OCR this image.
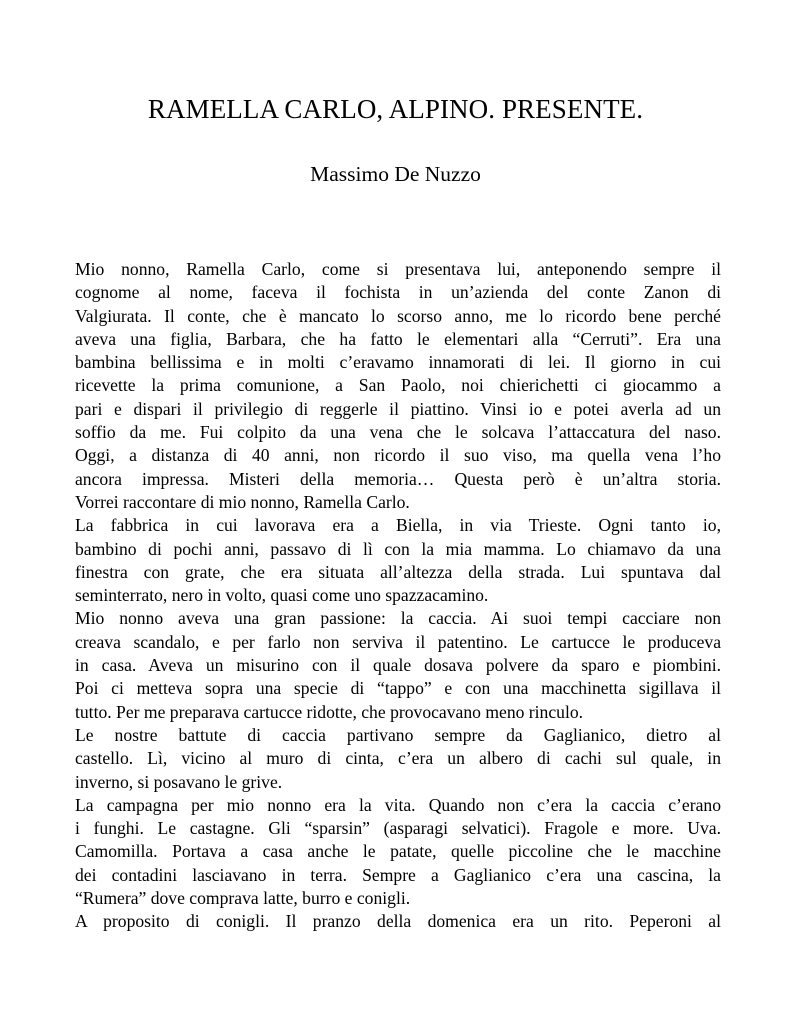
RAMELLA CARLO, ALPINO. PRESENTE.

Massimo De Nuzzo

Mio nonno, Ramella Carlo, come si presentava lui, anteponendo sempre il
cognome al nome, faceva il fochista in un’azienda del conte Zanon di
Valgiurata. Il conte, che è mancato lo scorso anno, me lo ricordo bene perché
aveva una figlia, Barbara, che ha fatto le elementari alla “Cerruti”. Era una
bambina bellissima e in molti c’eravamo innamorati di lei. Il giorno in cui
ricevette la prima comunione, a San Paolo, noi chierichetti ci giocammo a
pari e dispari il privilegio di reggerle il piattino. Vinsi io e potei averla ad un
soffio da me. Fui colpito da una vena che le solcava l’attaccatura del naso.
Oggi, a distanza di 40 anni, non ricordo il suo viso, ma quella vena l’ho
ancora impressa. Misteri della memoria… Questa però è un’altra storia.
Vorrei raccontare di mio nonno, Ramella Carlo.

La fabbrica in cui lavorava era a Biella, in via Trieste. Ogni tanto io,
bambino di pochi anni, passavo di lì con la mia mamma. Lo chiamavo da una
finestra con grate, che era situata all’altezza della strada. Lui spuntava dal
seminterrato, nero in volto, quasi come uno spazzacamino.

Mio nonno aveva una gran passione: la caccia. Ai suoi tempi cacciare non
creava scandalo, e per farlo non serviva il patentino. Le cartucce le produceva
in casa. Aveva un misurino con il quale dosava polvere da sparo e piombini.
Poi ci metteva sopra una specie di “tappo” e con una macchinetta sigillava il
tutto. Per me preparava cartucce ridotte, che provocavano meno rinculo.

Le nostre battute di caccia partivano sempre da Gaglianico, dietro al
castello. Lì, vicino al muro di cinta, c’era un albero di cachi sul quale, in
inverno, si posavano le grive.

La campagna per mio nonno era la vita. Quando non c’era la caccia c’erano
i funghi. Le castagne. Gli “sparsin” (asparagi selvatici). Fragole e more. Uva.
Camomilla. Portava a casa anche le patate, quelle piccoline che le macchine
dei contadini lasciavano in terra. Sempre a Gaglianico c’era una cascina, la
“Rumera” dove comprava latte, burro e conigli.

A proposito di conigli. Il pranzo della domenica era un rito. Peperoni al
